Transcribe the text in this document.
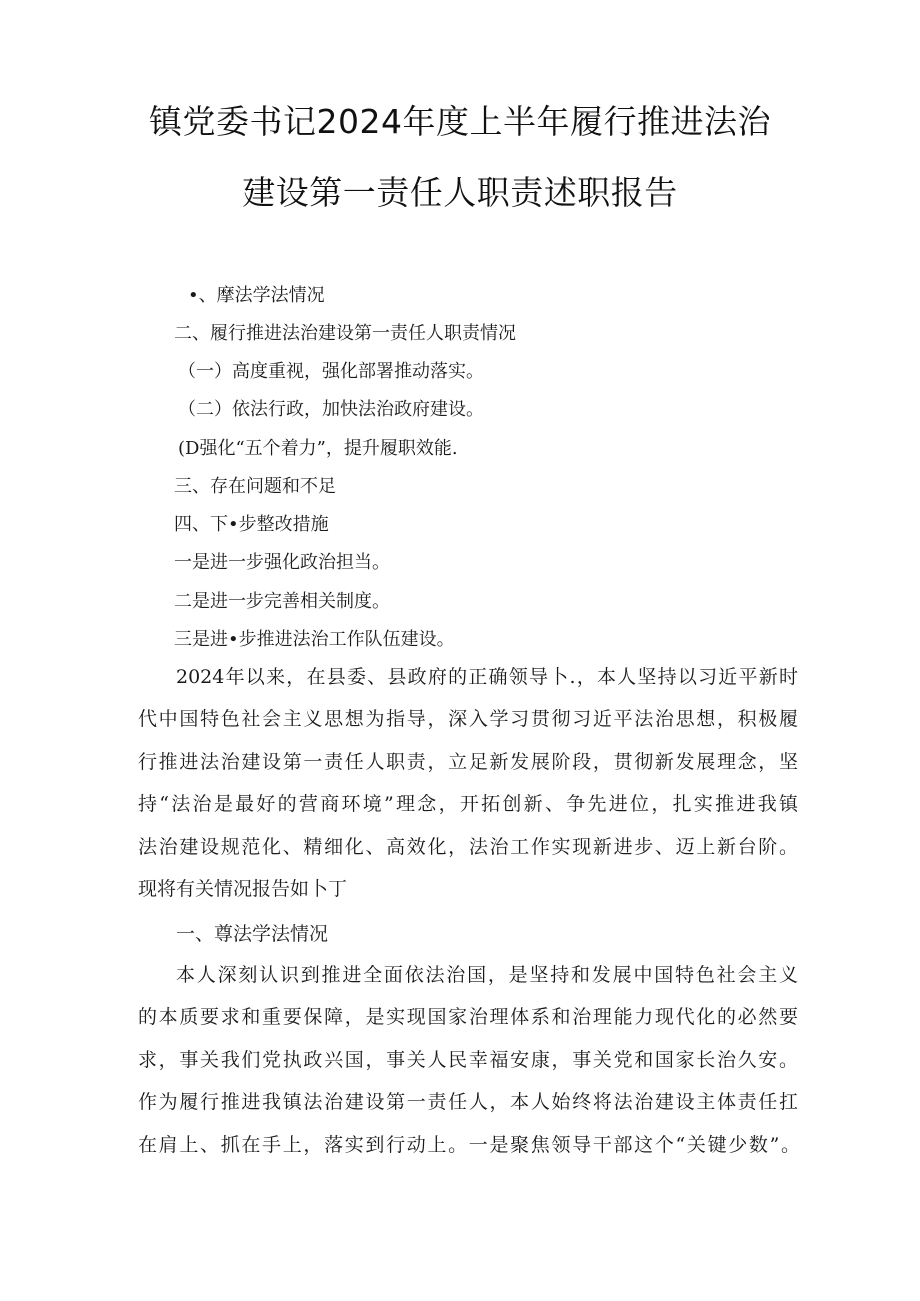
镇党委书记2024年度上半年履行推进法治
建设第一责任人职责述职报告
•、摩法学法情况
二、履行推进法治建设第一责任人职责情况
（一）高度重视，强化部署推动落实。
（二）依法行政，加快法治政府建设。
(D强化“五个着力”，提升履职效能.
三、存在问题和不足
四、下•步整改措施
一是进一步强化政治担当。
二是进一步完善相关制度。
三是进•步推进法治工作队伍建设。
2024年以来，在县委、县政府的正确领导卜.，本人坚持以习近平新时
代中国特色社会主义思想为指导，深入学习贯彻习近平法治思想，积极履
行推进法治建设第一责任人职责，立足新发展阶段，贯彻新发展理念，坚
持“法治是最好的营商环境”理念，开拓创新、争先进位，扎实推进我镇
法治建设规范化、精细化、高效化，法治工作实现新进步、迈上新台阶。
现将有关情况报告如卜丁
一、尊法学法情况
本人深刻认识到推进全面依法治国，是坚持和发展中国特色社会主义
的本质要求和重要保障，是实现国家治理体系和治理能力现代化的必然要
求，事关我们党执政兴国，事关人民幸福安康，事关党和国家长治久安。
作为履行推进我镇法治建设第一责任人，本人始终将法治建设主体责任扛
在肩上、抓在手上，落实到行动上。一是聚焦领导干部这个“关键少数”。
